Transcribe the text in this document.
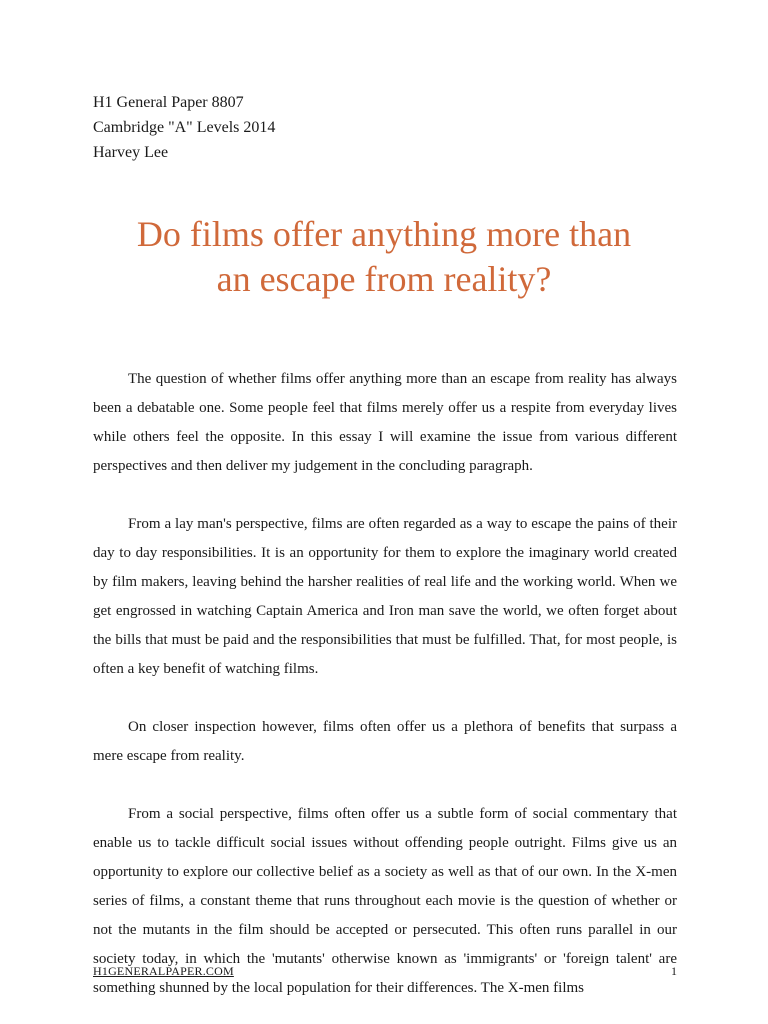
H1 General Paper 8807
Cambridge "A" Levels 2014
Harvey Lee
Do films offer anything more than
an escape from reality?

The question of whether films offer anything more than an escape from reality has always been a debatable one. Some people feel that films merely offer us a respite from everyday lives while others feel the opposite. In this essay I will examine the issue from various different perspectives and then deliver my judgement in the concluding paragraph.

From a lay man's perspective, films are often regarded as a way to escape the pains of their day to day responsibilities. It is an opportunity for them to explore the imaginary world created by film makers, leaving behind the harsher realities of real life and the working world. When we get engrossed in watching Captain America and Iron man save the world, we often forget about the bills that must be paid and the responsibilities that must be fulfilled. That, for most people, is often a key benefit of watching films.

On closer inspection however, films often offer us a plethora of benefits that surpass a mere escape from reality.

From a social perspective, films often offer us a subtle form of social commentary that enable us to tackle difficult social issues without offending people outright. Films give us an opportunity to explore our collective belief as a society as well as that of our own. In the X-men series of films, a constant theme that runs throughout each movie is the question of whether or not the mutants in the film should be accepted or persecuted. This often runs parallel in our society today, in which the 'mutants' otherwise known as 'immigrants' or 'foreign talent' are something shunned by the local population for their differences. The X-men films

H1GENERALPAPER.COM	1
